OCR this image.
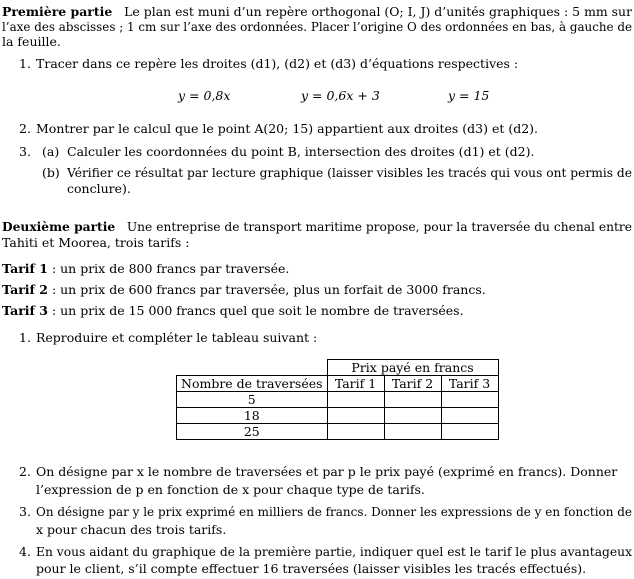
Première partie Le plan est muni d’un repère orthogonal (O; I, J) d’unités graphiques : 5 mm sur
l’axe des abscisses ; 1 cm sur l’axe des ordonnées. Placer l’origine O des ordonnées en bas, à gauche de
la feuille.
1. Tracer dans ce repère les droites (d1), (d2) et (d3) d’équations respectives :
y = 0,8x	y = 0,6x + 3	y = 15
2. Montrer par le calcul que le point A(20; 15) appartient aux droites (d3) et (d2).
3. (a) Calculer les coordonnées du point B, intersection des droites (d1) et (d2).
(b) Vérifier ce résultat par lecture graphique (laisser visibles les tracés qui vous ont permis de
conclure).
Deuxième partie Une entreprise de transport maritime propose, pour la traversée du chenal entre
Tahiti et Moorea, trois tarifs :
Tarif 1 : un prix de 800 francs par traversée.
Tarif 2 : un prix de 600 francs par traversée, plus un forfait de 3000 francs.
Tarif 3 : un prix de 15 000 francs quel que soit le nombre de traversées.
1. Reproduire et compléter le tableau suivant :
	Prix payé en francs		
Nombre de traversées	Tarif 1	Tarif 2	Tarif 3
5			
18			
25			
2. On désigne par x le nombre de traversées et par p le prix payé (exprimé en francs). Donner
l’expression de p en fonction de x pour chaque type de tarifs.
3. On désigne par y le prix exprimé en milliers de francs. Donner les expressions de y en fonction de
x pour chacun des trois tarifs.
4. En vous aidant du graphique de la première partie, indiquer quel est le tarif le plus avantageux
pour le client, s’il compte effectuer 16 traversées (laisser visibles les tracés effectués).
